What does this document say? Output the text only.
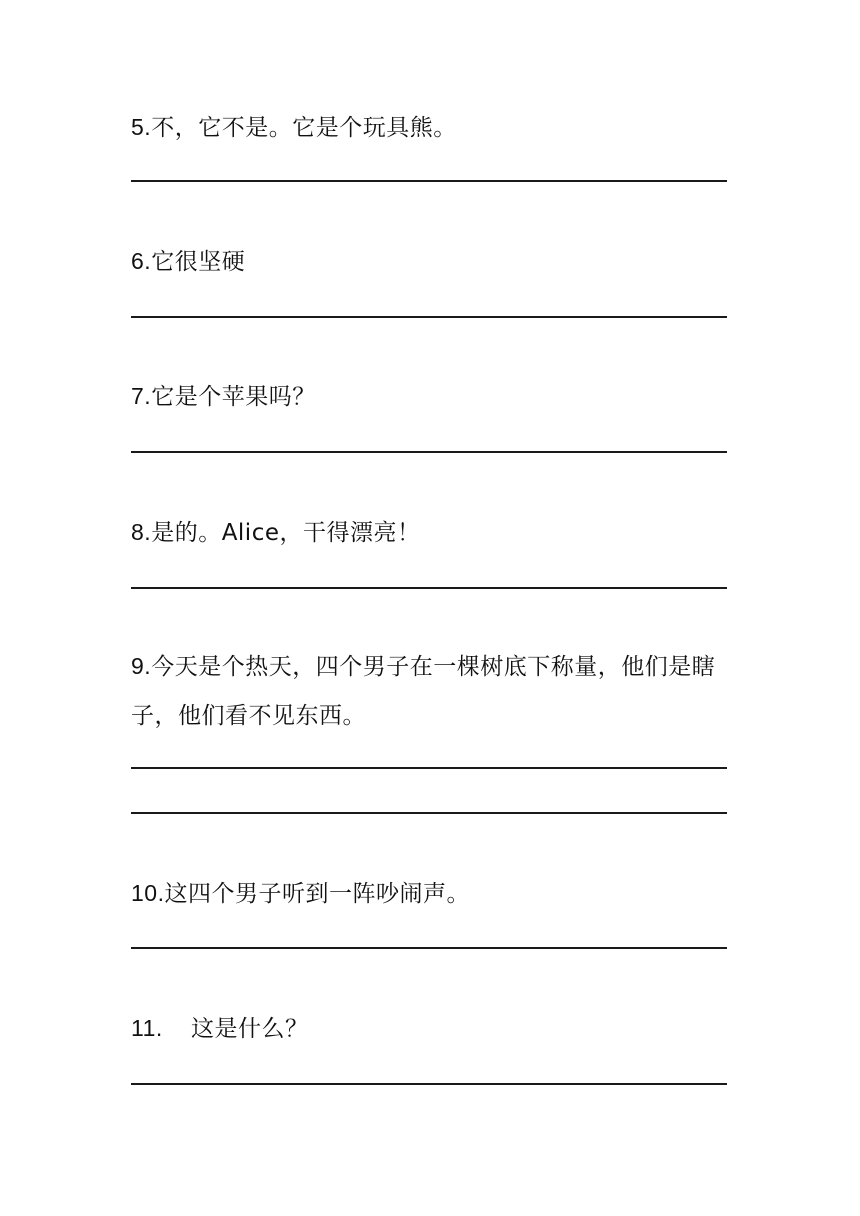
5.不，它不是。它是个玩具熊。
6.它很坚硬
7.它是个苹果吗？
8.是的。Alice，干得漂亮！
9.今天是个热天，四个男子在一棵树底下称量，他们是瞎子，他们看不见东西。
10.这四个男子听到一阵吵闹声。
11. 这是什么？
